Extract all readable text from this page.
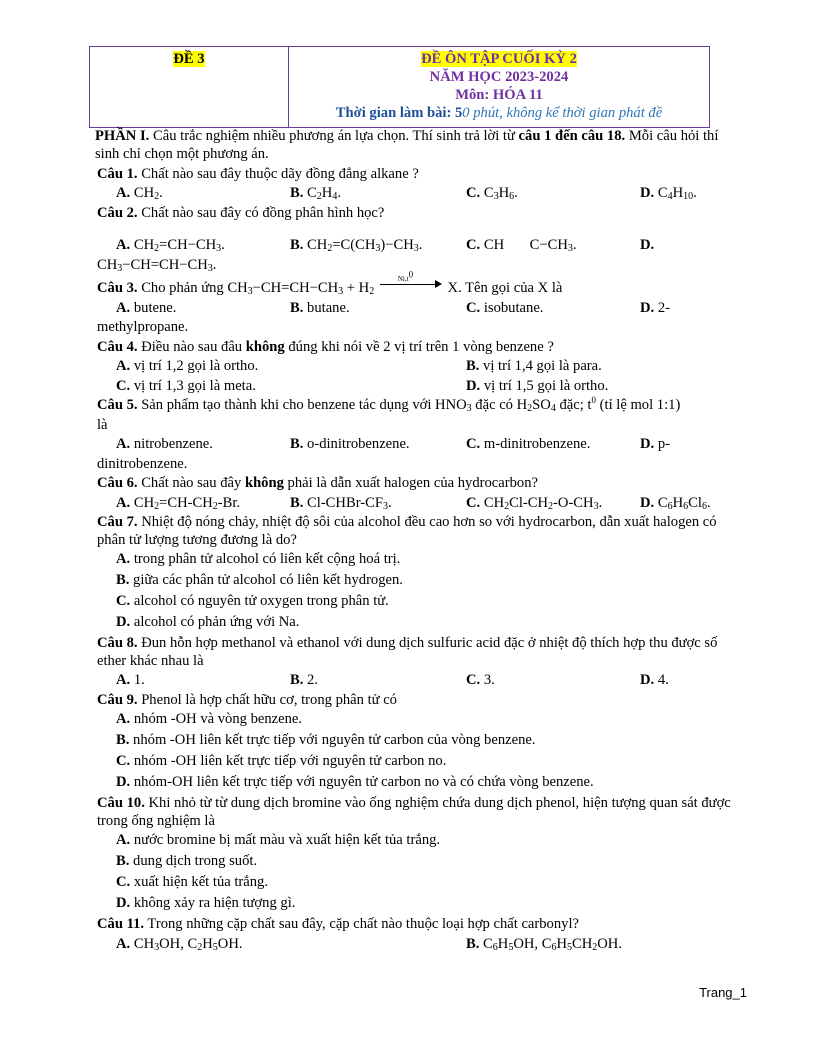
ĐỀ 3	ĐỀ ÔN TẬP CUỐI KỲ 2
NĂM HỌC 2023-2024
Môn: HÓA 11
Thời gian làm bài: 50 phút, không kể thời gian phát đề

PHẦN I. Câu trắc nghiệm nhiều phương án lựa chọn. Thí sinh trả lời từ câu 1 đến câu 18. Mỗi câu hỏi thí sinh chỉ chọn một phương án.

Câu 1. Chất nào sau đây thuộc dãy đồng đẳng alkane ?
A. $CH_2$.	B. $C_2H_4$.	C. $C_3H_6$.	D. $C_4H_{10}$.
Câu 2. Chất nào sau đây có đồng phân hình học?
A. $CH_2=CH-CH_3$.	B. $CH_2=C(CH_3)-CH_3$.	C. CH       $C-CH_3$.	D.
$CH_3-CH=CH-CH_3$.
Câu 3. Cho phản ứng $CH_3-CH=CH-CH_3 + H_2$
$Ni,t^0$
X. Tên gọi của X là
A. butene.	B. butane.	C. isobutane.	D. 2-
methylpropane.
Câu 4. Điều nào sau đâu không đúng khi nói về 2 vị trí trên 1 vòng benzene ?
A. vị trí 1,2 gọi là ortho.	B. vị trí 1,4 gọi là para.
C. vị trí 1,3 gọi là meta.	D. vị trí 1,5 gọi là ortho.
Câu 5. Sản phẩm tạo thành khi cho benzene tác dụng với $HNO_3$ đặc có $H_2SO_4$ đặc; $t^0$ (tỉ lệ mol 1:1)
là
A. nitrobenzene.	B. o-dinitrobenzene.	C. m-dinitrobenzene.	D. p-
dinitrobenzene.
Câu 6. Chất nào sau đây không phải là dẫn xuất halogen của hydrocarbon?
A. $CH_2=CH-CH_2-Br$.	B. $Cl-CHBr-CF_3$.	C. $CH_2Cl-CH_2-O-CH_3$.	D. $C_6H_6Cl_6$.
Câu 7. Nhiệt độ nóng chảy, nhiệt độ sôi của alcohol đều cao hơn so với hydrocarbon, dẫn xuất halogen có phân tử lượng tương đương là do?
A. trong phân tử alcohol có liên kết cộng hoá trị.
B. giữa các phân tử alcohol có liên kết hydrogen.
C. alcohol có nguyên tử oxygen trong phân tử.
D. alcohol có phản ứng với Na.
Câu 8. Đun hỗn hợp methanol và ethanol với dung dịch sulfuric acid đặc ở nhiệt độ thích hợp thu được số ether khác nhau là
A. 1.	B. 2.	C. 3.	D. 4.
Câu 9. Phenol là hợp chất hữu cơ, trong phân tử có
A. nhóm -OH và vòng benzene.
B. nhóm -OH liên kết trực tiếp với nguyên tử carbon của vòng benzene.
C. nhóm -OH liên kết trực tiếp với nguyên tử carbon no.
D. nhóm-OH liên kết trực tiếp với nguyên tử carbon no và có chứa vòng benzene.
Câu 10. Khi nhỏ từ từ dung dịch bromine vào ống nghiệm chứa dung dịch phenol, hiện tượng quan sát được trong ống nghiệm là
A. nước bromine bị mất màu và xuất hiện kết tủa trắng.
B. dung dịch trong suốt.
C. xuất hiện kết tủa trắng.
D. không xảy ra hiện tượng gì.
Câu 11. Trong những cặp chất sau đây, cặp chất nào thuộc loại hợp chất carbonyl?
A. $CH_3OH$, $C_2H_5OH$.	B. $C_6H_5OH$, $C_6H_5CH_2OH$.
Trang_1
